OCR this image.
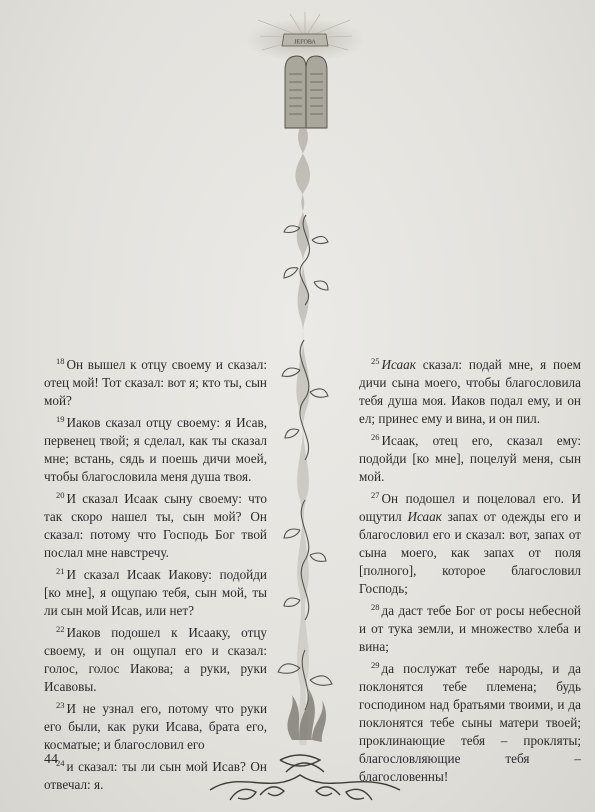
ЈЕГОВА

$^{18}$ Он вышел к отцу своему и сказал: отец мой! Тот сказал: вот я; кто ты, сын мой?

$^{19}$ Иаков сказал отцу своему: я Исав, первенец твой; я сделал, как ты сказал мне; встань, сядь и поешь дичи моей, чтобы благословила меня душа твоя.

$^{20}$ И сказал Исаак сыну своему: что так скоро нашел ты, сын мой? Он сказал: потому что Господь Бог твой послал мне навстречу.

$^{21}$ И сказал Исаак Иакову: подойди [ко мне], я ощупаю тебя, сын мой, ты ли сын мой Исав, или нет?

$^{22}$ Иаков подошел к Исааку, отцу своему, и он ощупал его и сказал: голос, голос Иакова; а руки, руки Исавовы.

$^{23}$ И не узнал его, потому что руки его были, как руки Исава, брата его, косматые; и благословил его

$^{24}$ и сказал: ты ли сын мой Исав? Он отвечал: я.

$^{25}$ Исаак сказал: подай мне, я поем дичи сына моего, чтобы благословила тебя душа моя. Иаков подал ему, и он ел; принес ему и вина, и он пил.

$^{26}$ Исаак, отец его, сказал ему: подойди [ко мне], поцелуй меня, сын мой.

$^{27}$ Он подошел и поцеловал его. И ощутил Исаак запах от одежды его и благословил его и сказал: вот, запах от сына моего, как запах от поля [полного], которое благословил Господь;

$^{28}$ да даст тебе Бог от росы небесной и от тука земли, и множество хлеба и вина;

$^{29}$ да послужат тебе народы, и да поклонятся тебе племена; будь господином над братьями твоими, и да поклонятся тебе сыны матери твоей; проклинающие тебя – прокляты; благословляющие тебя – благословенны!

44
